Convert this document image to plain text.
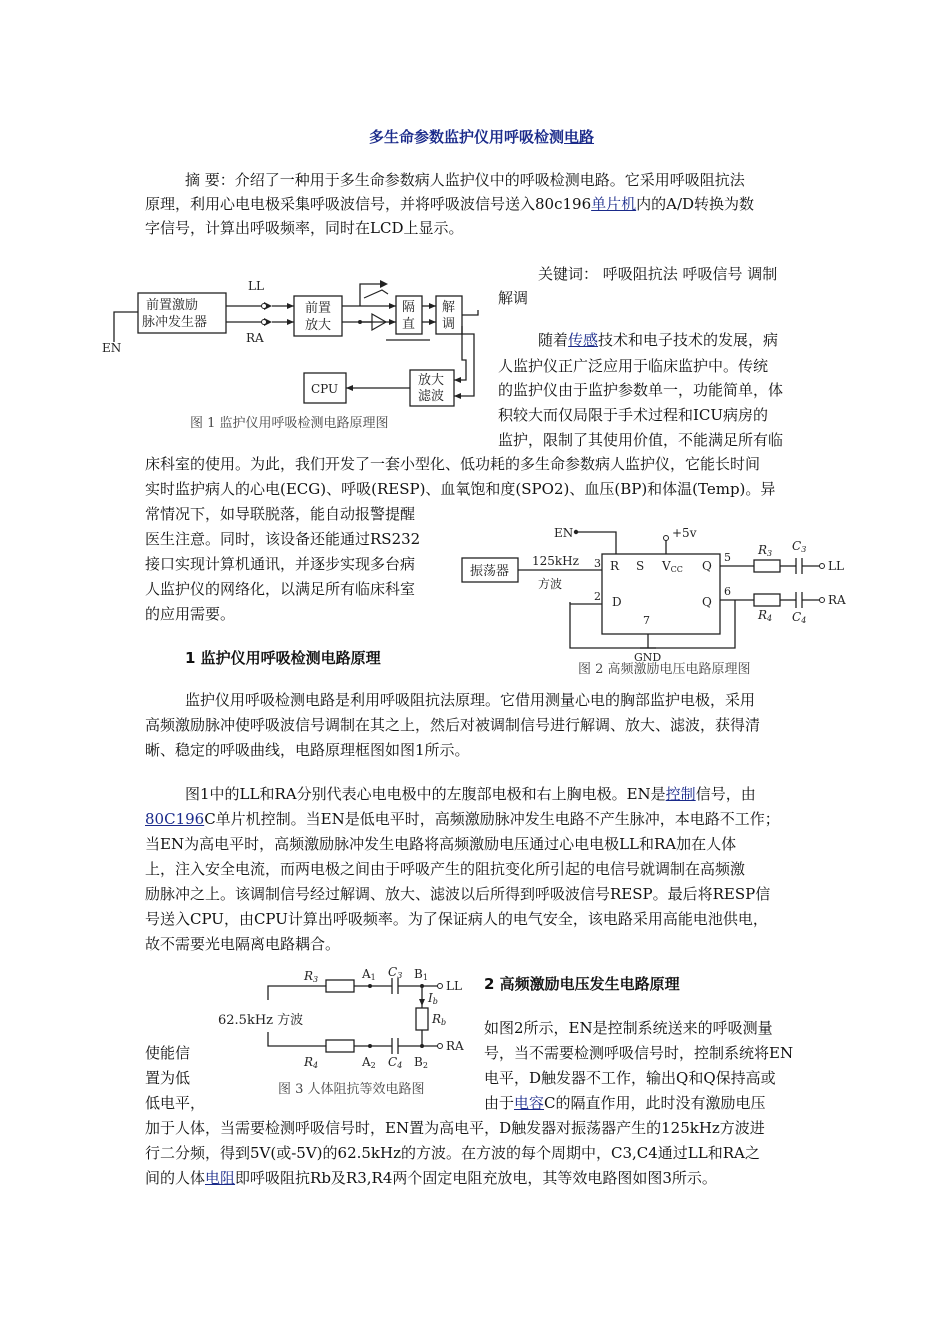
多生命参数监护仪用呼吸检测电路
摘 要：介绍了一种用于多生命参数病人监护仪中的呼吸检测电路。它采用呼吸阻抗法
原理，利用心电电极采集呼吸波信号，并将呼吸波信号送入80c196单片机内的A/D转换为数
字信号，计算出呼吸频率，同时在LCD上显示。
前置激励
脉冲发生器
前置
放大
隔
直
解
调
放大
滤波
CPU
EN
LL
RA
图 1 监护仪用呼吸检测电路原理图
关键词： 呼吸阻抗法 呼吸信号 调制
解调
随着传感技术和电子技术的发展，病
人监护仪正广泛应用于临床监护中。传统
的监护仪由于监护参数单一，功能简单，体
积较大而仅局限于手术过程和ICU病房的
监护，限制了其使用价值，不能满足所有临
床科室的使用。为此，我们开发了一套小型化、低功耗的多生命参数病人监护仪，它能长时间
实时监护病人的心电(ECG)、呼吸(RESP)、血氧饱和度(SPO2)、血压(BP)和体温(Temp)。异
常情况下，如导联脱落，能自动报警提醒
医生注意。同时，该设备还能通过RS232
接口实现计算机通讯，并逐步实现多台病
人监护仪的网络化，以满足所有临床科室
的应用需要。
振荡器
125kHz
方波
EN	+5v
3
2
5
6
7
R S VCC Q
D	Q
GND
R3
R4
C3
C4
LL
RA
图 2 高频激励电压电路原理图
1 监护仪用呼吸检测电路原理
监护仪用呼吸检测电路是利用呼吸阻抗法原理。它借用测量心电的胸部监护电极，采用
高频激励脉冲使呼吸波信号调制在其之上，然后对被调制信号进行解调、放大、滤波，获得清
晰、稳定的呼吸曲线，电路原理框图如图1所示。
图1中的LL和RA分别代表心电电极中的左腹部电极和右上胸电极。EN是控制信号，由
80C196C单片机控制。当EN是低电平时，高频激励脉冲发生电路不产生脉冲，本电路不工作；
当EN为高电平时，高频激励脉冲发生电路将高频激励电压通过心电电极LL和RA加在人体
上，注入安全电流，而两电极之间由于呼吸产生的阻抗变化所引起的电信号就调制在高频激
励脉冲之上。该调制信号经过解调、放大、滤波以后所得到呼吸波信号RESP。最后将RESP信
号送入CPU，由CPU计算出呼吸频率。为了保证病人的电气安全，该电路采用高能电池供电，
故不需要光电隔离电路耦合。
62.5kHz 方波
R3
R4
A1
A2
C3
C4
B1
B2
Ib
Rb
LL
RA
图 3 人体阻抗等效电路图
2 高频激励电压发生电路原理
如图2所示，EN是控制系统送来的呼吸测量
号，当不需要检测呼吸信号时，控制系统将EN
电平，D触发器不工作，输出Q和Q保持高或
由于电容C的隔直作用，此时没有激励电压
使能信
置为低
低电平，
加于人体，当需要检测呼吸信号时，EN置为高电平，D触发器对振荡器产生的125kHz方波进
行二分频，得到5V(或-5V)的62.5kHz的方波。在方波的每个周期中，C3,C4通过LL和RA之
间的人体电阻即呼吸阻抗Rb及R3,R4两个固定电阻充放电，其等效电路图如图3所示。
